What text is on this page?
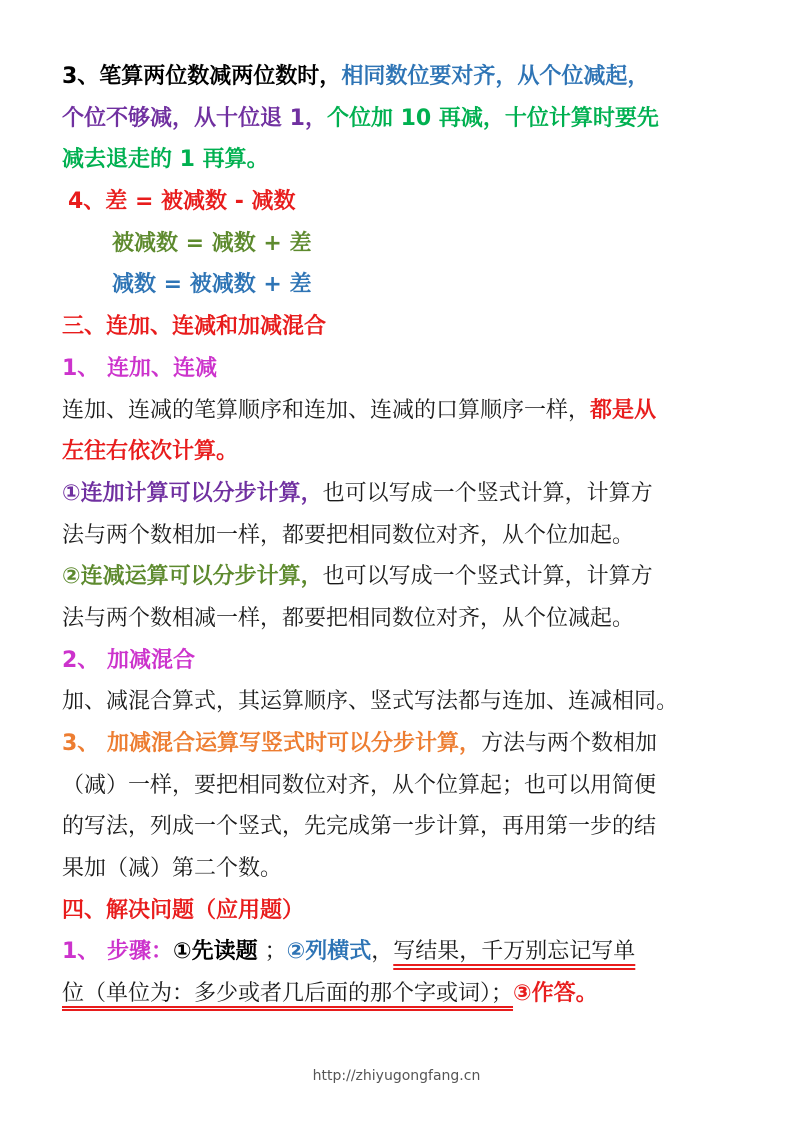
3、笔算两位数减两位数时，相同数位要对齐，从个位减起，
个位不够减，从十位退 1，个位加 10 再减，十位计算时要先
减去退走的 1 再算。
4、差 = 被减数 - 减数
被减数 = 减数 + 差
减数 = 被减数 + 差
三、连加、连减和加减混合
1、 连加、连减
连加、连减的笔算顺序和连加、连减的口算顺序一样，都是从
左往右依次计算。
①连加计算可以分步计算，也可以写成一个竖式计算，计算方
法与两个数相加一样，都要把相同数位对齐，从个位加起。
②连减运算可以分步计算，也可以写成一个竖式计算，计算方
法与两个数相减一样，都要把相同数位对齐，从个位减起。
2、 加减混合
加、减混合算式，其运算顺序、竖式写法都与连加、连减相同。
3、 加减混合运算写竖式时可以分步计算，方法与两个数相加
（减）一样，要把相同数位对齐，从个位算起；也可以用简便
的写法，列成一个竖式，先完成第一步计算，再用第一步的结
果加（减）第二个数。
四、解决问题（应用题）
1、 步骤：①先读题 ；②列横式，写结果，千万别忘记写单
位（单位为：多少或者几后面的那个字或词）；③作答。
http://zhiyugongfang.cn
